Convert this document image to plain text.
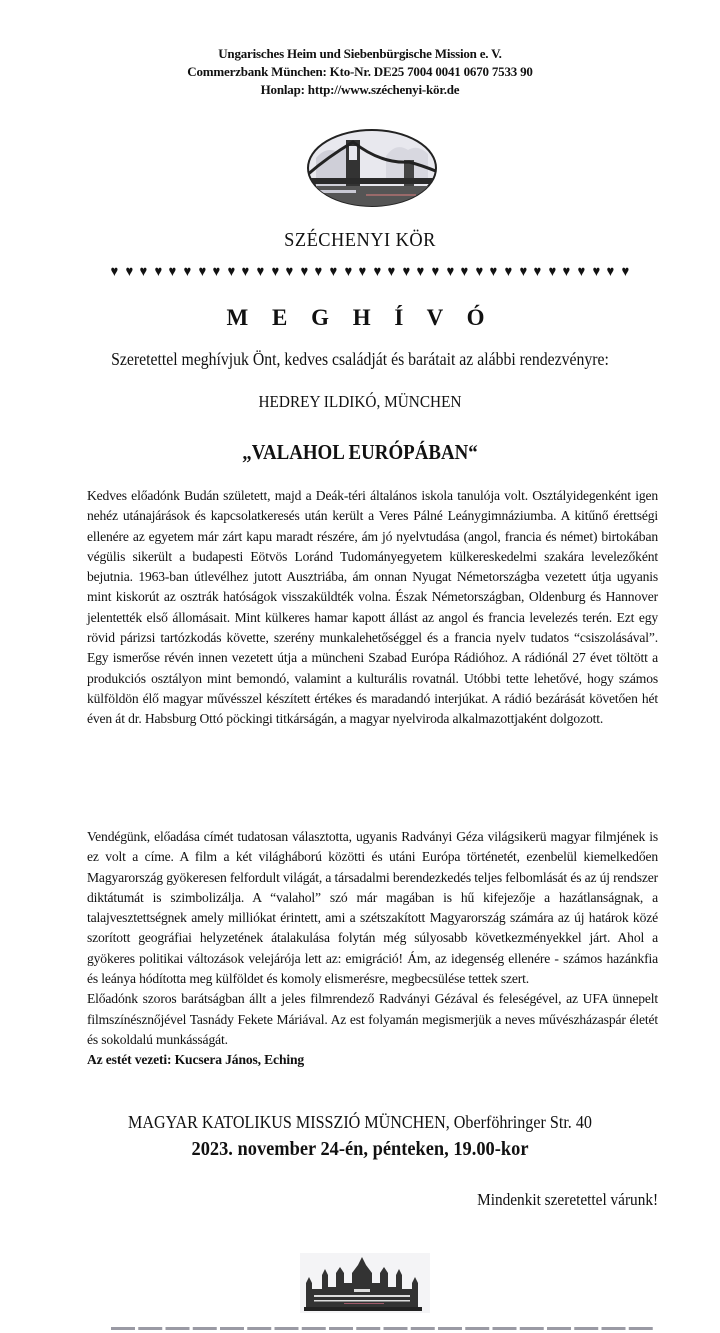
Ungarisches Heim und Siebenbürgische Mission e. V.
Commerzbank München: Kto-Nr. DE25 7004 0041 0670 7533 90
Honlap: http://www.széchenyi-kör.de
SZÉCHENYI KÖR
♥ ♥ ♥ ♥ ♥ ♥ ♥ ♥ ♥ ♥ ♥ ♥ ♥ ♥ ♥ ♥ ♥ ♥ ♥ ♥ ♥ ♥ ♥ ♥ ♥ ♥ ♥ ♥ ♥ ♥ ♥ ♥ ♥ ♥ ♥ ♥
M E G H Í V Ó
Szeretettel meghívjuk Önt, kedves családját és barátait az alábbi rendezvényre:
HEDREY ILDIKÓ, MÜNCHEN
„VALAHOL EURÓPÁBAN“

Kedves előadónk Budán született, majd a Deák-téri általános iskola tanulója volt. Osztályidegenként igen nehéz utánajárások és kapcsolatkeresés után került a Veres Pálné Leánygimnáziumba. A kitűnő érettségi ellenére az egyetem már zárt kapu maradt részére, ám jó nyelvtudása (angol, francia és német) birtokában végülis sikerült a budapesti Eötvös Loránd Tudományegyetem külkereskedelmi szakára levelezőként bejutnia. 1963-ban útlevélhez jutott Ausztriába, ám onnan Nyugat Németországba vezetett útja ugyanis mint kiskorút az osztrák hatóságok visszaküldték volna. Észak Németországban, Oldenburg és Hannover jelentették első állomásait. Mint külkeres hamar kapott állást az angol és francia levelezés terén. Ezt egy rövid párizsi tartózkodás követte, szerény munkalehetőséggel és a francia nyelv tudatos “csiszolásával”. Egy ismerőse révén innen vezetett útja a müncheni Szabad Európa Rádióhoz. A rádiónál 27 évet töltött a produkciós osztályon mint bemondó, valamint a kulturális rovatnál. Utóbbi tette lehetővé, hogy számos külföldön élő magyar művésszel készített értékes és maradandó interjúkat. A rádió bezárását követően hét éven át dr. Habsburg Ottó pöckingi titkárságán, a magyar nyelviroda alkalmazottjaként dolgozott.

Vendégünk, előadása címét tudatosan választotta, ugyanis Radványi Géza világsikerü magyar filmjének is ez volt a címe. A film a két világháború közötti és utáni Európa történetét, ezenbelül kiemelkedően Magyarország gyökeresen felfordult világát, a társadalmi berendezkedés teljes felbomlását és az új rendszer diktátumát is szimbolizálja. A “valahol” szó már magában is hű kifejezője a hazátlanságnak, a talajvesztettségnek amely milliókat érintett, ami a szétszakított Magyarország számára az új határok közé szorított geográfiai helyzetének átalakulása folytán még súlyosabb következményekkel járt. Ahol a gyökeres politikai változások velejárója lett az: emigráció! Ám, az idegenség ellenére - számos hazánkfia és leánya hódította meg külföldet és komoly elismerésre, megbecsülése tettek szert.

Előadónk szoros barátságban állt a jeles filmrendező Radványi Gézával és feleségével, az UFA ünnepelt filmszínésznőjével Tasnády Fekete Máriával. Az est folyamán megismerjük a neves művészházaspár életét és sokoldalú munkásságát.

Az estét vezeti: Kucsera János, Eching

MAGYAR KATOLIKUS MISSZIÓ MÜNCHEN, Oberföhringer Str. 40
2023. november 24-én, pénteken, 19.00-kor
Mindenkit szeretettel várunk!
